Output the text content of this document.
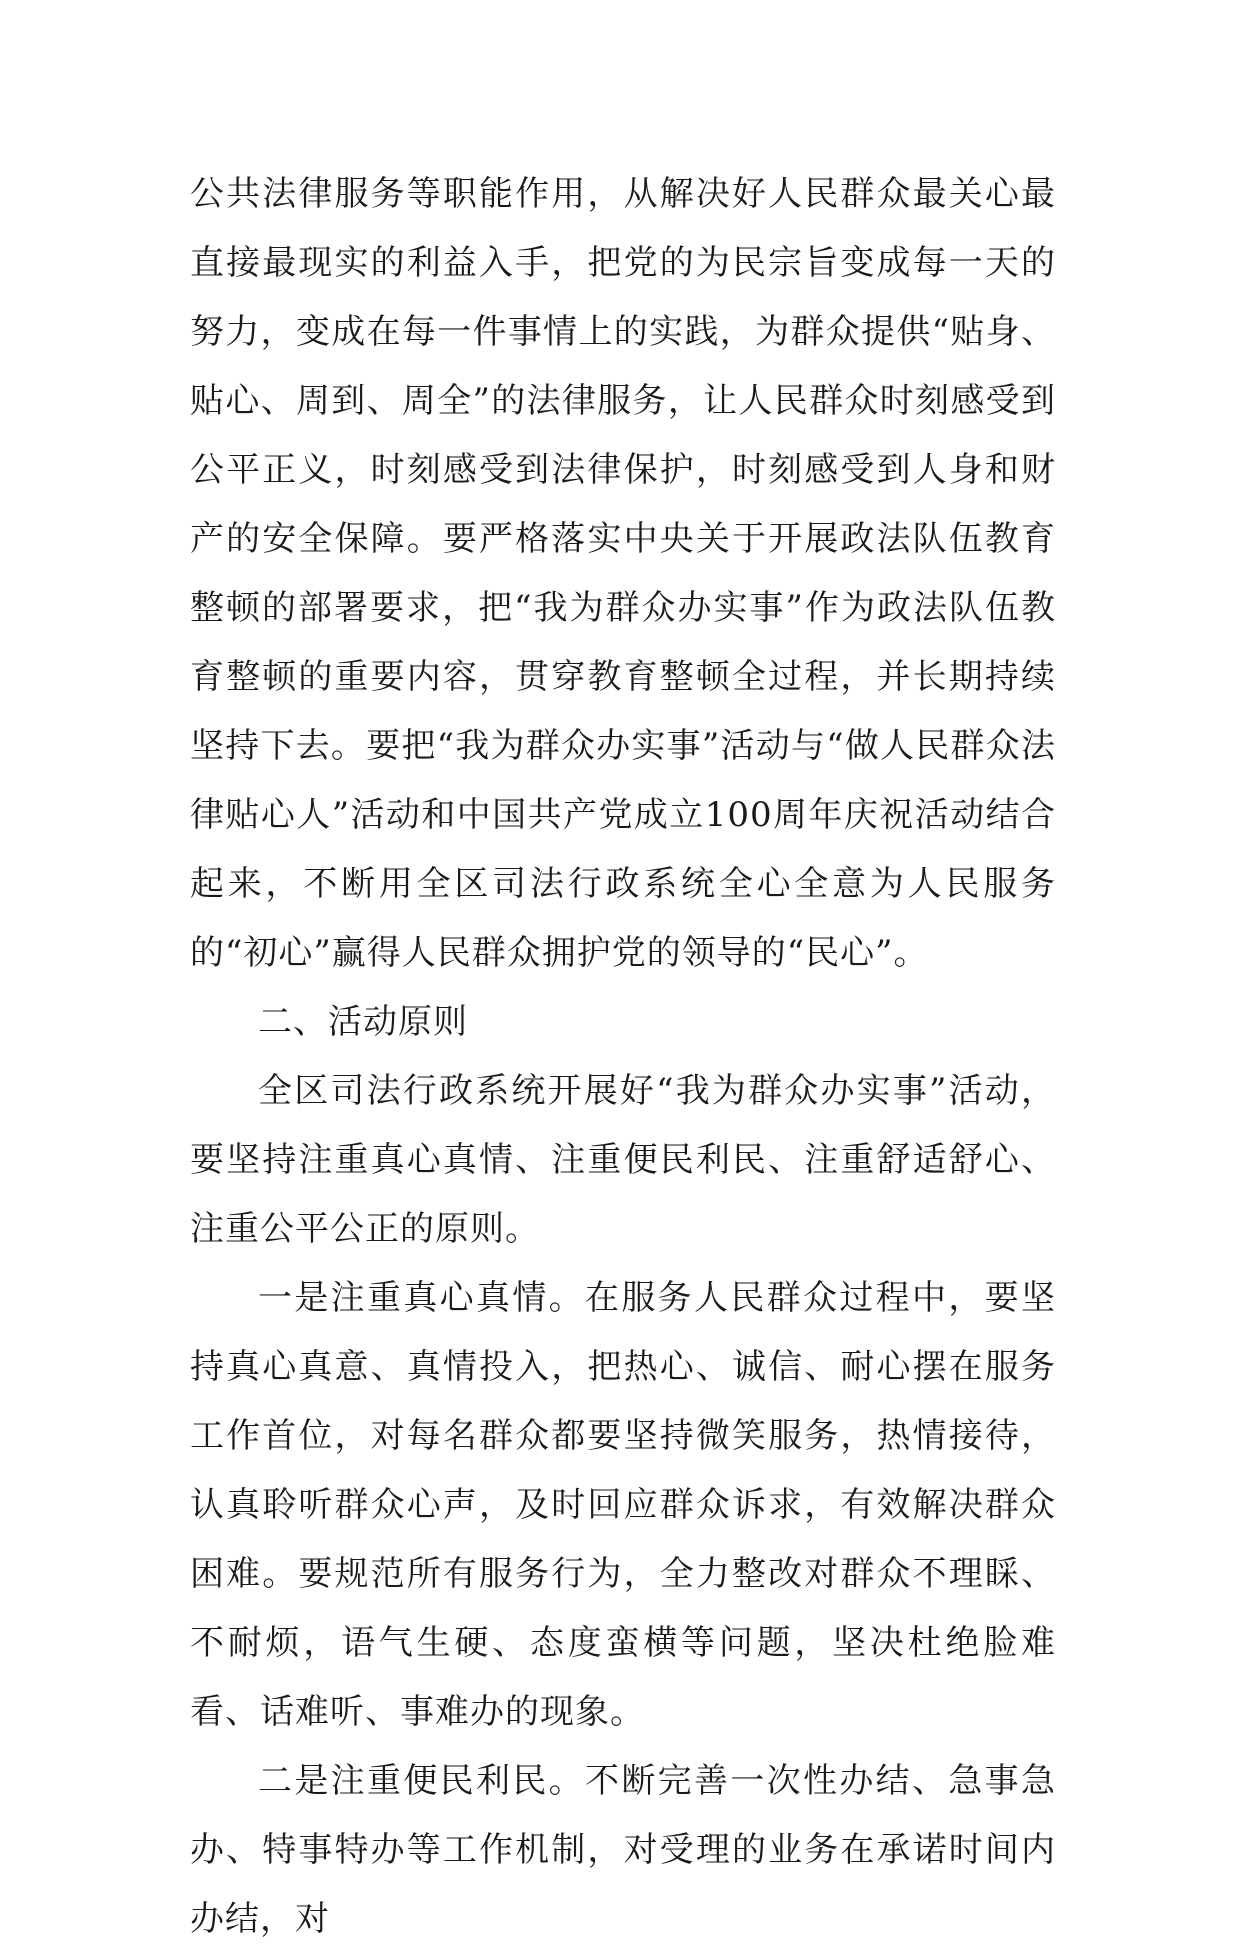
公共法律服务等职能作用，从解决好人民群众最关心最直接最现实的利益入手，把党的为民宗旨变成每一天的努力，变成在每一件事情上的实践，为群众提供“贴身、贴心、周到、周全”的法律服务，让人民群众时刻感受到公平正义，时刻感受到法律保护，时刻感受到人身和财产的安全保障。要严格落实中央关于开展政法队伍教育整顿的部署要求，把“我为群众办实事”作为政法队伍教育整顿的重要内容，贯穿教育整顿全过程，并长期持续坚持下去。要把“我为群众办实事”活动与“做人民群众法律贴心人”活动和中国共产党成立100周年庆祝活动结合起来，不断用全区司法行政系统全心全意为人民服务的“初心”赢得人民群众拥护党的领导的“民心”。

二、活动原则

全区司法行政系统开展好“我为群众办实事”活动，要坚持注重真心真情、注重便民利民、注重舒适舒心、注重公平公正的原则。

一是注重真心真情。在服务人民群众过程中，要坚持真心真意、真情投入，把热心、诚信、耐心摆在服务工作首位，对每名群众都要坚持微笑服务，热情接待，认真聆听群众心声，及时回应群众诉求，有效解决群众困难。要规范所有服务行为，全力整改对群众不理睬、不耐烦，语气生硬、态度蛮横等问题，坚决杜绝脸难看、话难听、事难办的现象。

二是注重便民利民。不断完善一次性办结、急事急办、特事特办等工作机制，对受理的业务在承诺时间内办结，对
